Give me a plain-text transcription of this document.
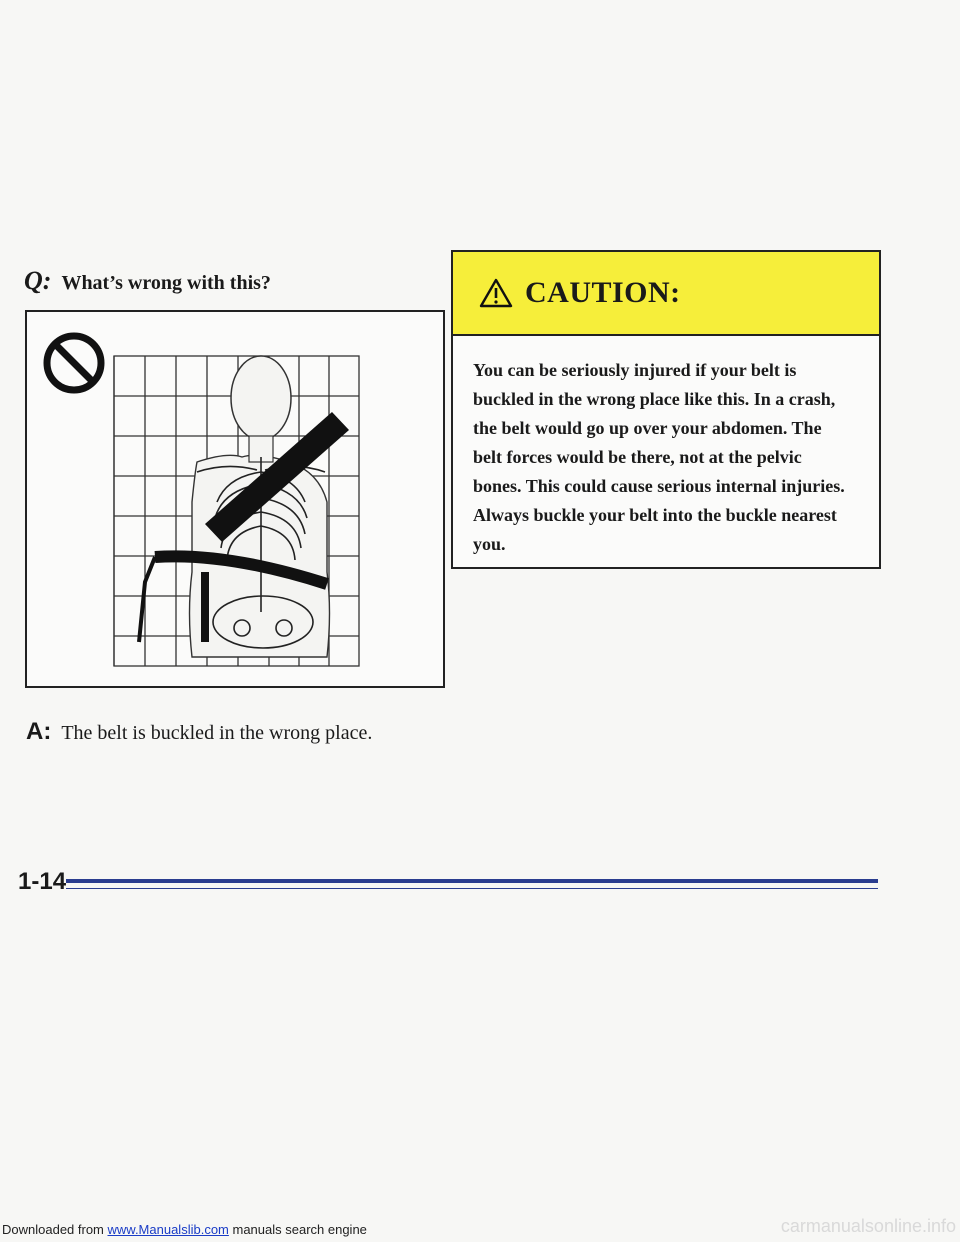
Q: What’s wrong with this?
A: The belt is buckled in the wrong place.
CAUTION:
You can be seriously injured if your belt is buckled in the wrong place like this. In a crash, the belt would go up over your abdomen. The belt forces would be there, not at the pelvic bones. This could cause serious internal injuries. Always buckle your belt into the buckle nearest you.
1-14
Downloaded from www.Manualslib.com manuals search engine	carmanualsonline.info
